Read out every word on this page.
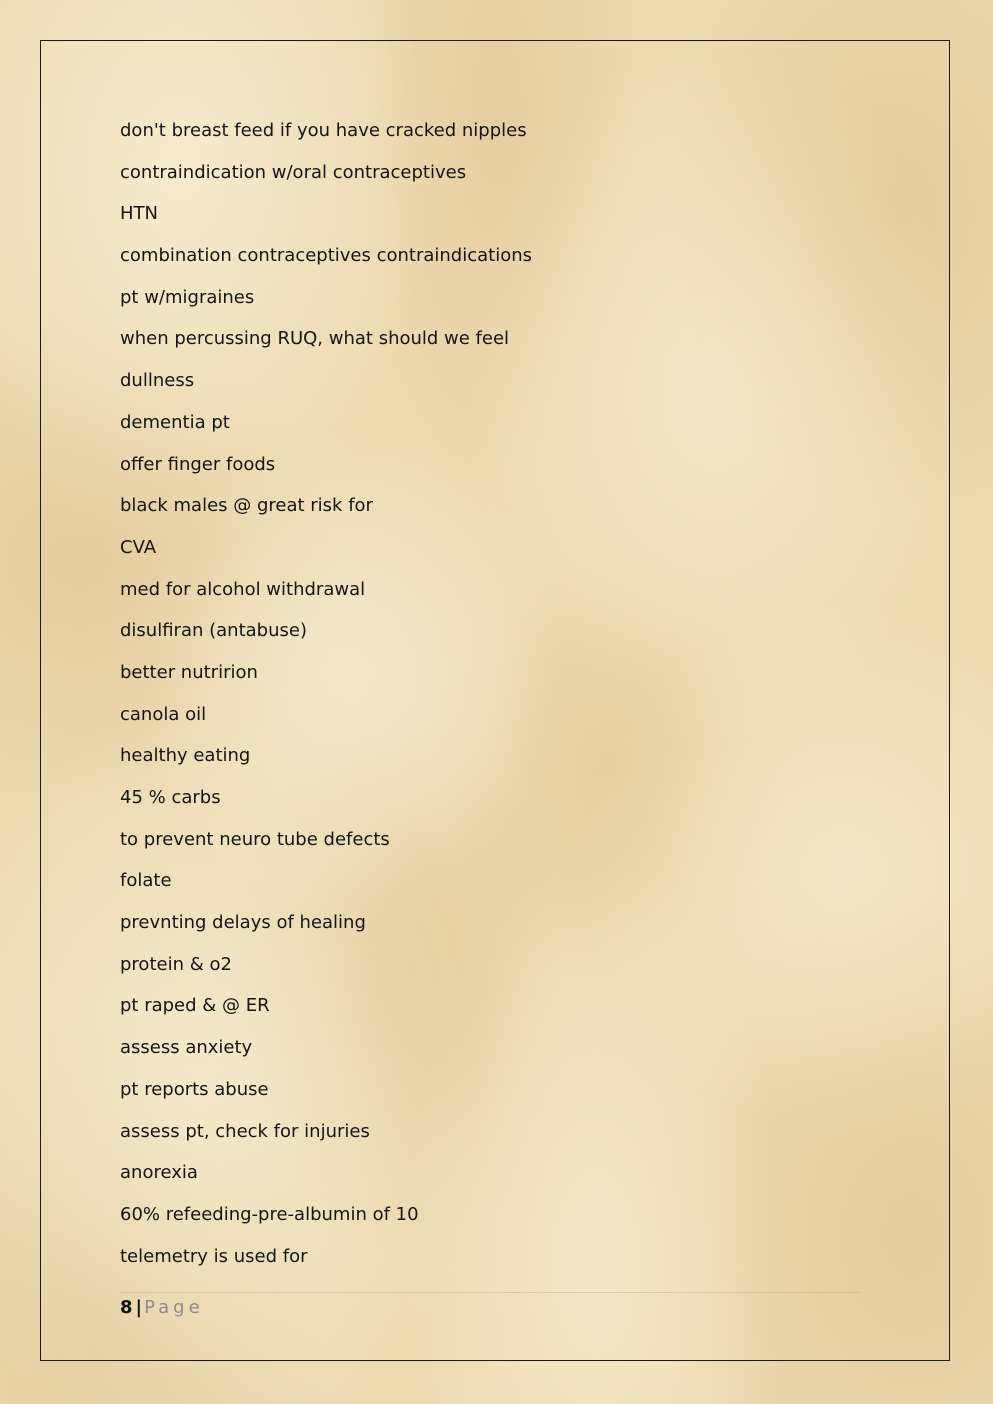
don't breast feed if you have cracked nipples
contraindication w/oral contraceptives
HTN
combination contraceptives contraindications
pt w/migraines
when percussing RUQ, what should we feel
dullness
dementia pt
offer finger foods
black males @ great risk for
CVA
med for alcohol withdrawal
disulfiran (antabuse)
better nutririon
canola oil
healthy eating
45 % carbs
to prevent neuro tube defects
folate
prevnting delays of healing
protein & o2
pt raped & @ ER
assess anxiety
pt reports abuse
assess pt, check for injuries
anorexia
60% refeeding-pre-albumin of 10
telemetry is used for
8 | Page
